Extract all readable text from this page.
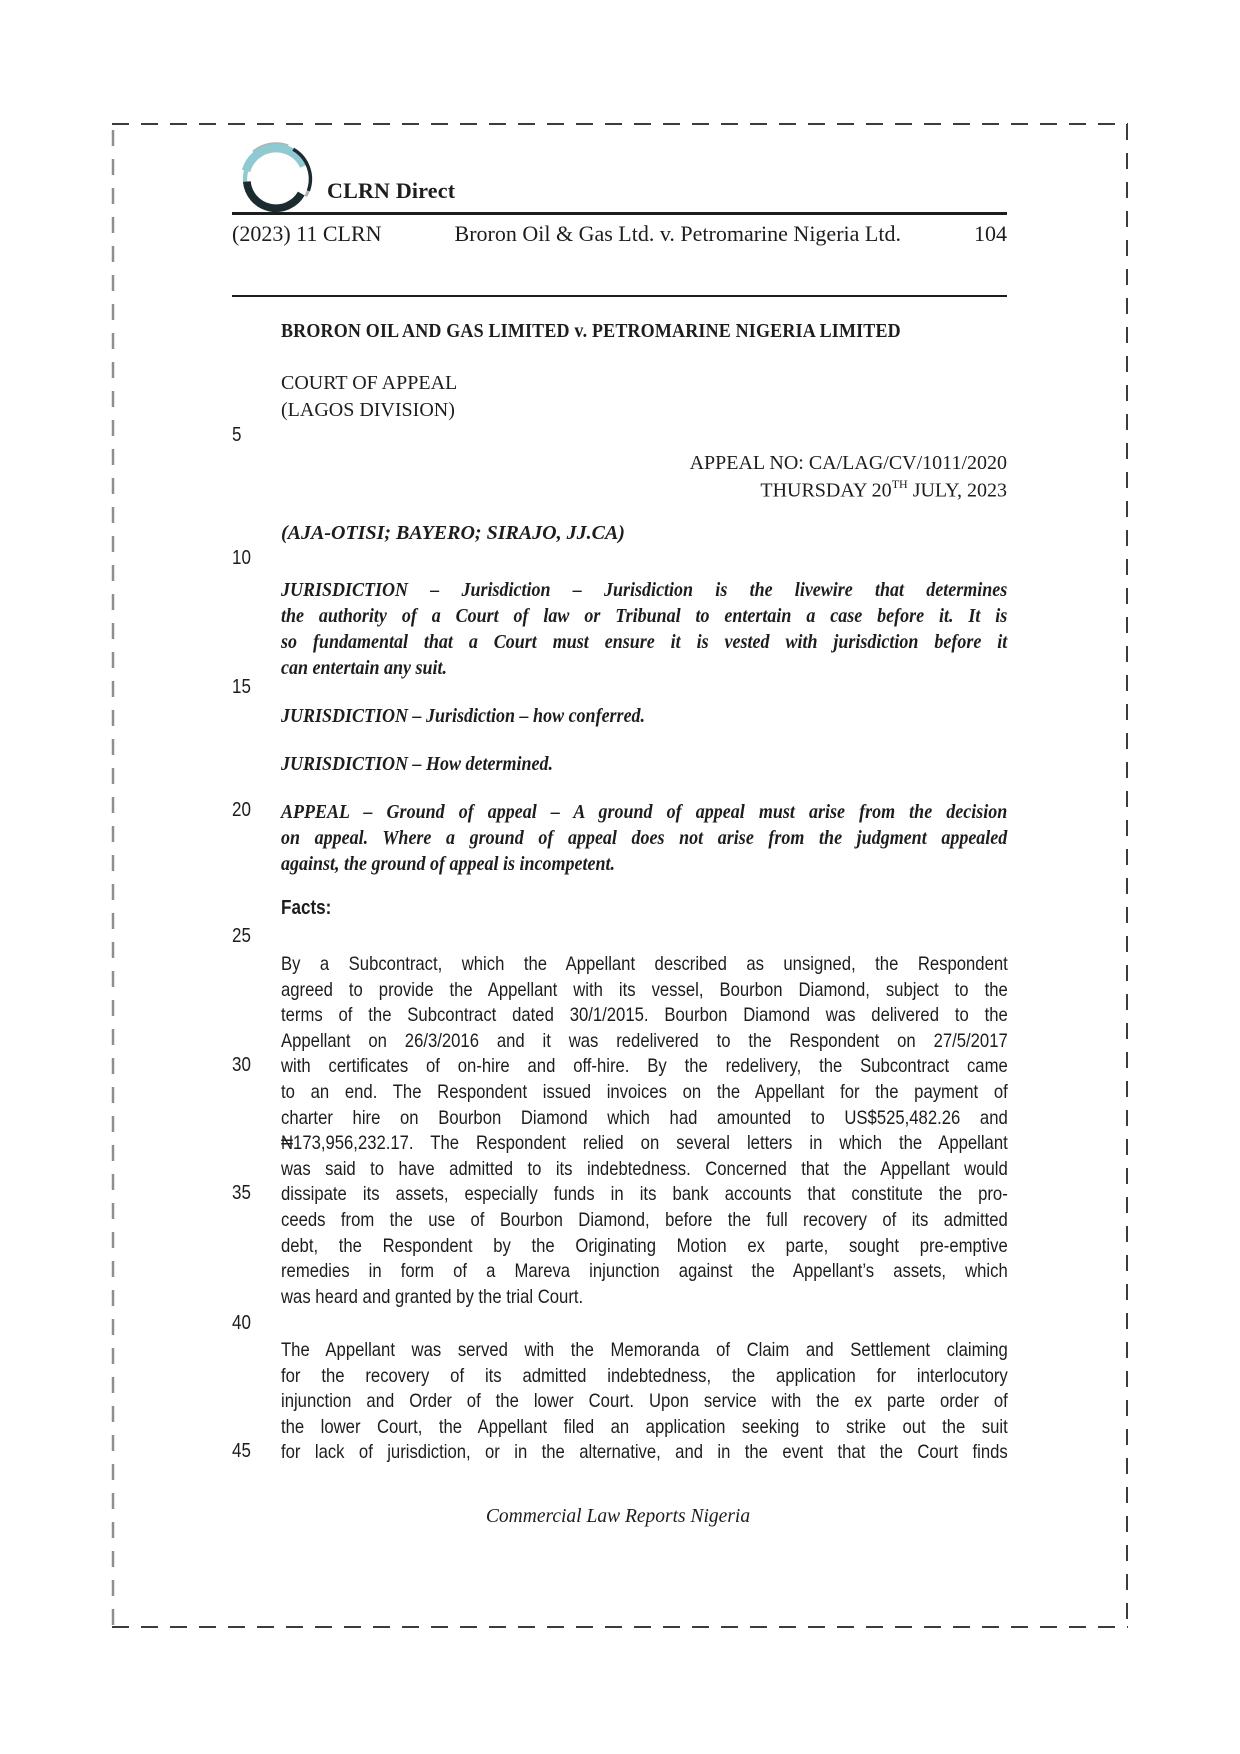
CLRN Direct
(2023) 11 CLRN	Broron Oil & Gas Ltd. v. Petromarine Nigeria Ltd.	104
BRORON OIL AND GAS LIMITED v. PETROMARINE NIGERIA LIMITED
COURT OF APPEAL
(LAGOS DIVISION)
APPEAL NO: CA/LAG/CV/1011/2020
THURSDAY 20TH JULY, 2023
(AJA-OTISI; BAYERO; SIRAJO, JJ.CA)
JURISDICTION – Jurisdiction – Jurisdiction is the livewire that determines
the authority of a Court of law or Tribunal to entertain a case before it. It is
so fundamental that a Court must ensure it is vested with jurisdiction before it
can entertain any suit.
JURISDICTION – Jurisdiction – how conferred.
JURISDICTION – How determined.
APPEAL – Ground of appeal – A ground of appeal must arise from the decision
on appeal. Where a ground of appeal does not arise from the judgment appealed
against, the ground of appeal is incompetent.
Facts:
By a Subcontract, which the Appellant described as unsigned, the Respondent
agreed to provide the Appellant with its vessel, Bourbon Diamond, subject to the
terms of the Subcontract dated 30/1/2015. Bourbon Diamond was delivered to the
Appellant on 26/3/2016 and it was redelivered to the Respondent on 27/5/2017
with certificates of on-hire and off-hire. By the redelivery, the Subcontract came
to an end. The Respondent issued invoices on the Appellant for the payment of
charter hire on Bourbon Diamond which had amounted to US$525,482.26 and
₦173,956,232.17. The Respondent relied on several letters in which the Appellant
was said to have admitted to its indebtedness. Concerned that the Appellant would
dissipate its assets, especially funds in its bank accounts that constitute the pro-
ceeds from the use of Bourbon Diamond, before the full recovery of its admitted
debt, the Respondent by the Originating Motion ex parte, sought pre-emptive
remedies in form of a Mareva injunction against the Appellant’s assets, which
was heard and granted by the trial Court.
The Appellant was served with the Memoranda of Claim and Settlement claiming
for the recovery of its admitted indebtedness, the application for interlocutory
injunction and Order of the lower Court. Upon service with the ex parte order of
the lower Court, the Appellant filed an application seeking to strike out the suit
for lack of jurisdiction, or in the alternative, and in the event that the Court finds
5
10
15
20
25
30
35
40
45
Commercial Law Reports Nigeria
